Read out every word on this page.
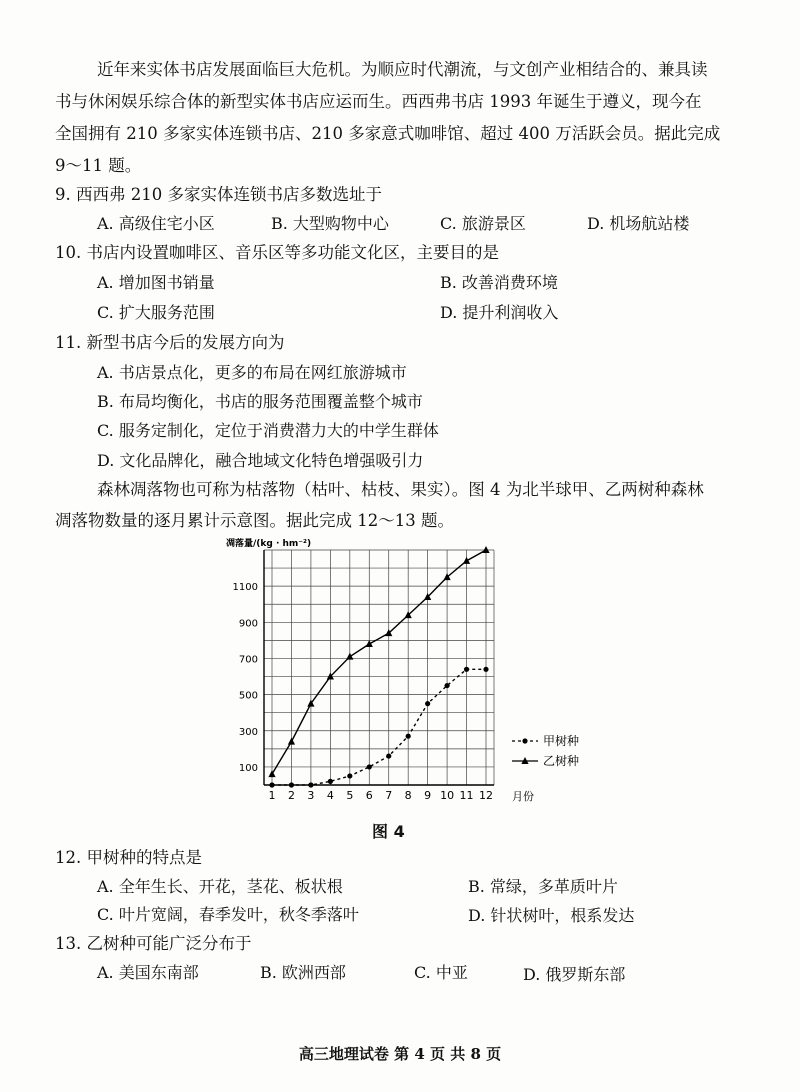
近年来实体书店发展面临巨大危机。为顺应时代潮流，与文创产业相结合的、兼具读
书与休闲娱乐综合体的新型实体书店应运而生。西西弗书店 1993 年诞生于遵义，现今在
全国拥有 210 多家实体连锁书店、210 多家意式咖啡馆、超过 400 万活跃会员。据此完成
9～11 题。
9. 西西弗 210 多家实体连锁书店多数选址于
A. 高级住宅小区	B. 大型购物中心	C. 旅游景区	D. 机场航站楼
10. 书店内设置咖啡区、音乐区等多功能文化区，主要目的是
A. 增加图书销量	B. 改善消费环境
C. 扩大服务范围	D. 提升利润收入
11. 新型书店今后的发展方向为
A. 书店景点化，更多的布局在网红旅游城市
B. 布局均衡化，书店的服务范围覆盖整个城市
C. 服务定制化，定位于消费潜力大的中学生群体
D. 文化品牌化，融合地域文化特色增强吸引力
森林凋落物也可称为枯落物（枯叶、枯枝、果实）。图 4 为北半球甲、乙两树种森林
凋落物数量的逐月累计示意图。据此完成 12～13 题。
凋落量/(kg · hm⁻²)
月份
100
300
500
700
900
1100
1 2 3 4 5 6 7 8 9 10 11 12
甲树种
乙树种
图 4
12. 甲树种的特点是
A. 全年生长、开花，茎花、板状根	B. 常绿，多革质叶片
C. 叶片宽阔，春季发叶，秋冬季落叶	D. 针状树叶，根系发达
13. 乙树种可能广泛分布于
A. 美国东南部	B. 欧洲西部	C. 中亚	D. 俄罗斯东部
高三地理试卷 第 4 页 共 8 页
